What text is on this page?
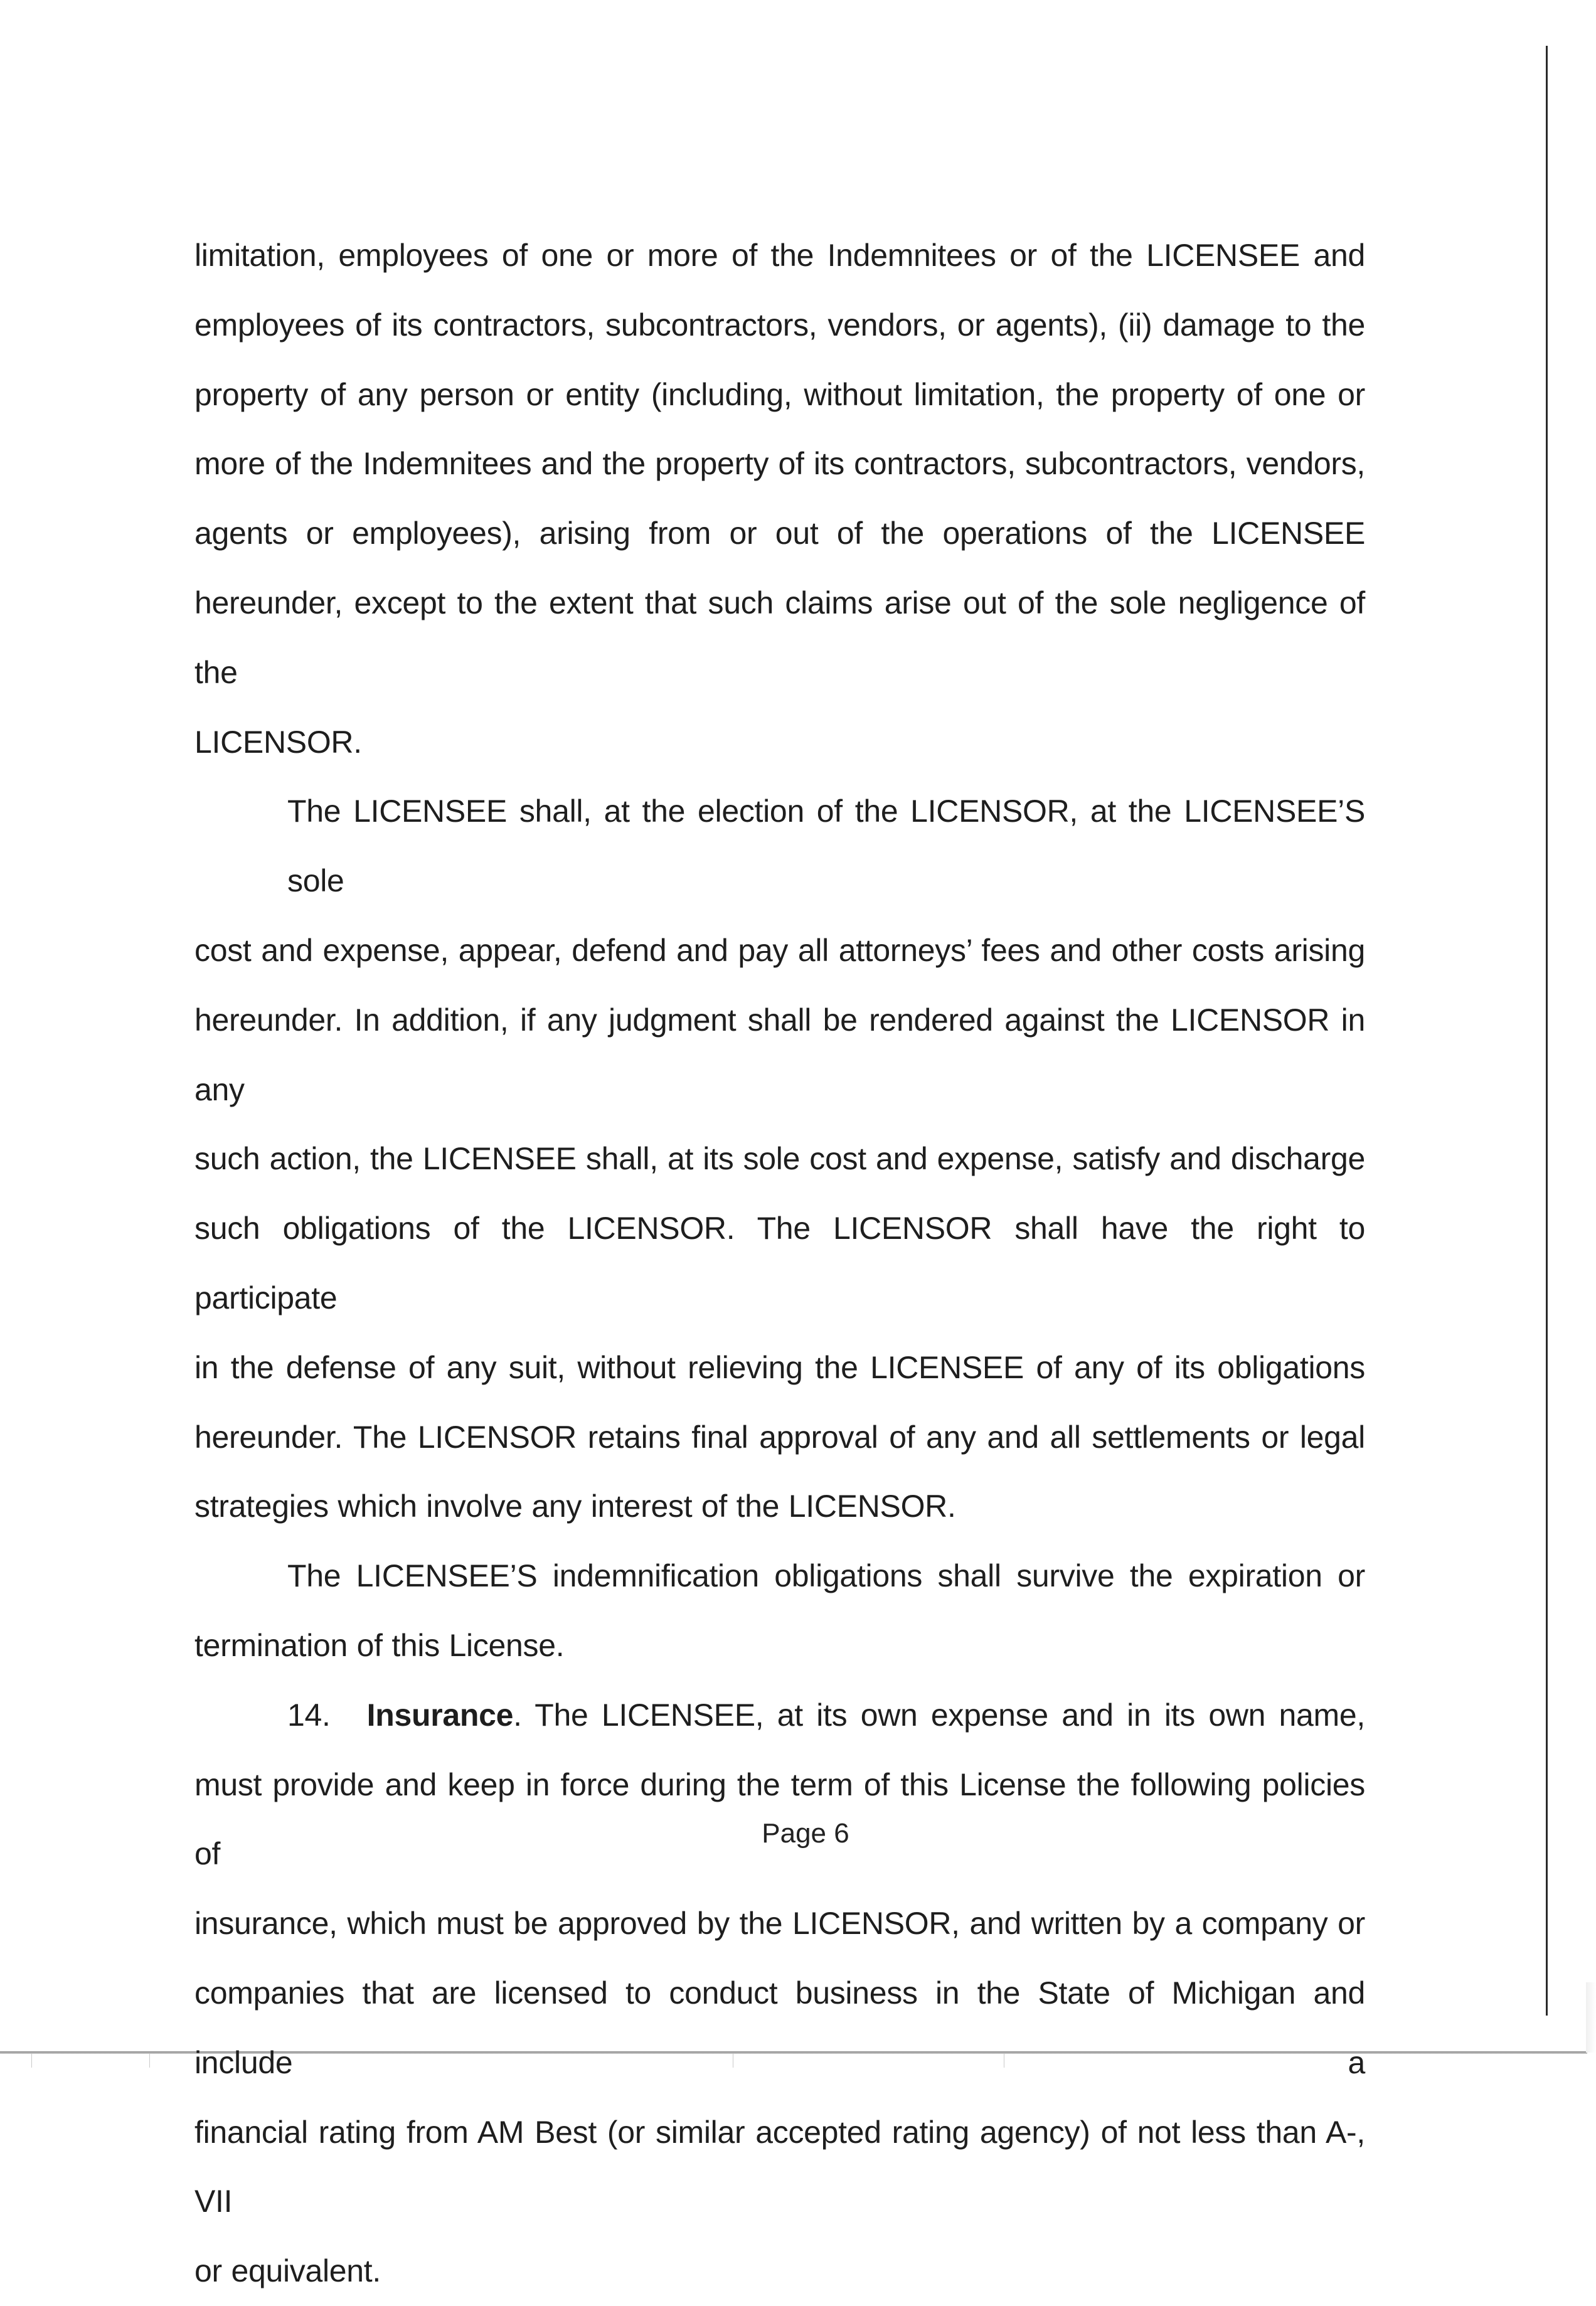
limitation, employees of one or more of the Indemnitees or of the LICENSEE and
employees of its contractors, subcontractors, vendors, or agents), (ii) damage to the
property of any person or entity (including, without limitation, the property of one or
more of the Indemnitees and the property of its contractors, subcontractors, vendors,
agents or employees), arising from or out of the operations of the LICENSEE
hereunder, except to the extent that such claims arise out of the sole negligence of the
LICENSOR.

The LICENSEE shall, at the election of the LICENSOR, at the LICENSEE’S sole
cost and expense, appear, defend and pay all attorneys’ fees and other costs arising
hereunder. In addition, if any judgment shall be rendered against the LICENSOR in any
such action, the LICENSEE shall, at its sole cost and expense, satisfy and discharge
such obligations of the LICENSOR. The LICENSOR shall have the right to participate
in the defense of any suit, without relieving the LICENSEE of any of its obligations
hereunder. The LICENSOR retains final approval of any and all settlements or legal
strategies which involve any interest of the LICENSOR.

The LICENSEE’S indemnification obligations shall survive the expiration or
termination of this License.

14. Insurance. The LICENSEE, at its own expense and in its own name,
must provide and keep in force during the term of this License the following policies of
insurance, which must be approved by the LICENSOR, and written by a company or
companies that are licensed to conduct business in the State of Michigan and include a
financial rating from AM Best (or similar accepted rating agency) of not less than A-, VII
or equivalent.

Page 6
